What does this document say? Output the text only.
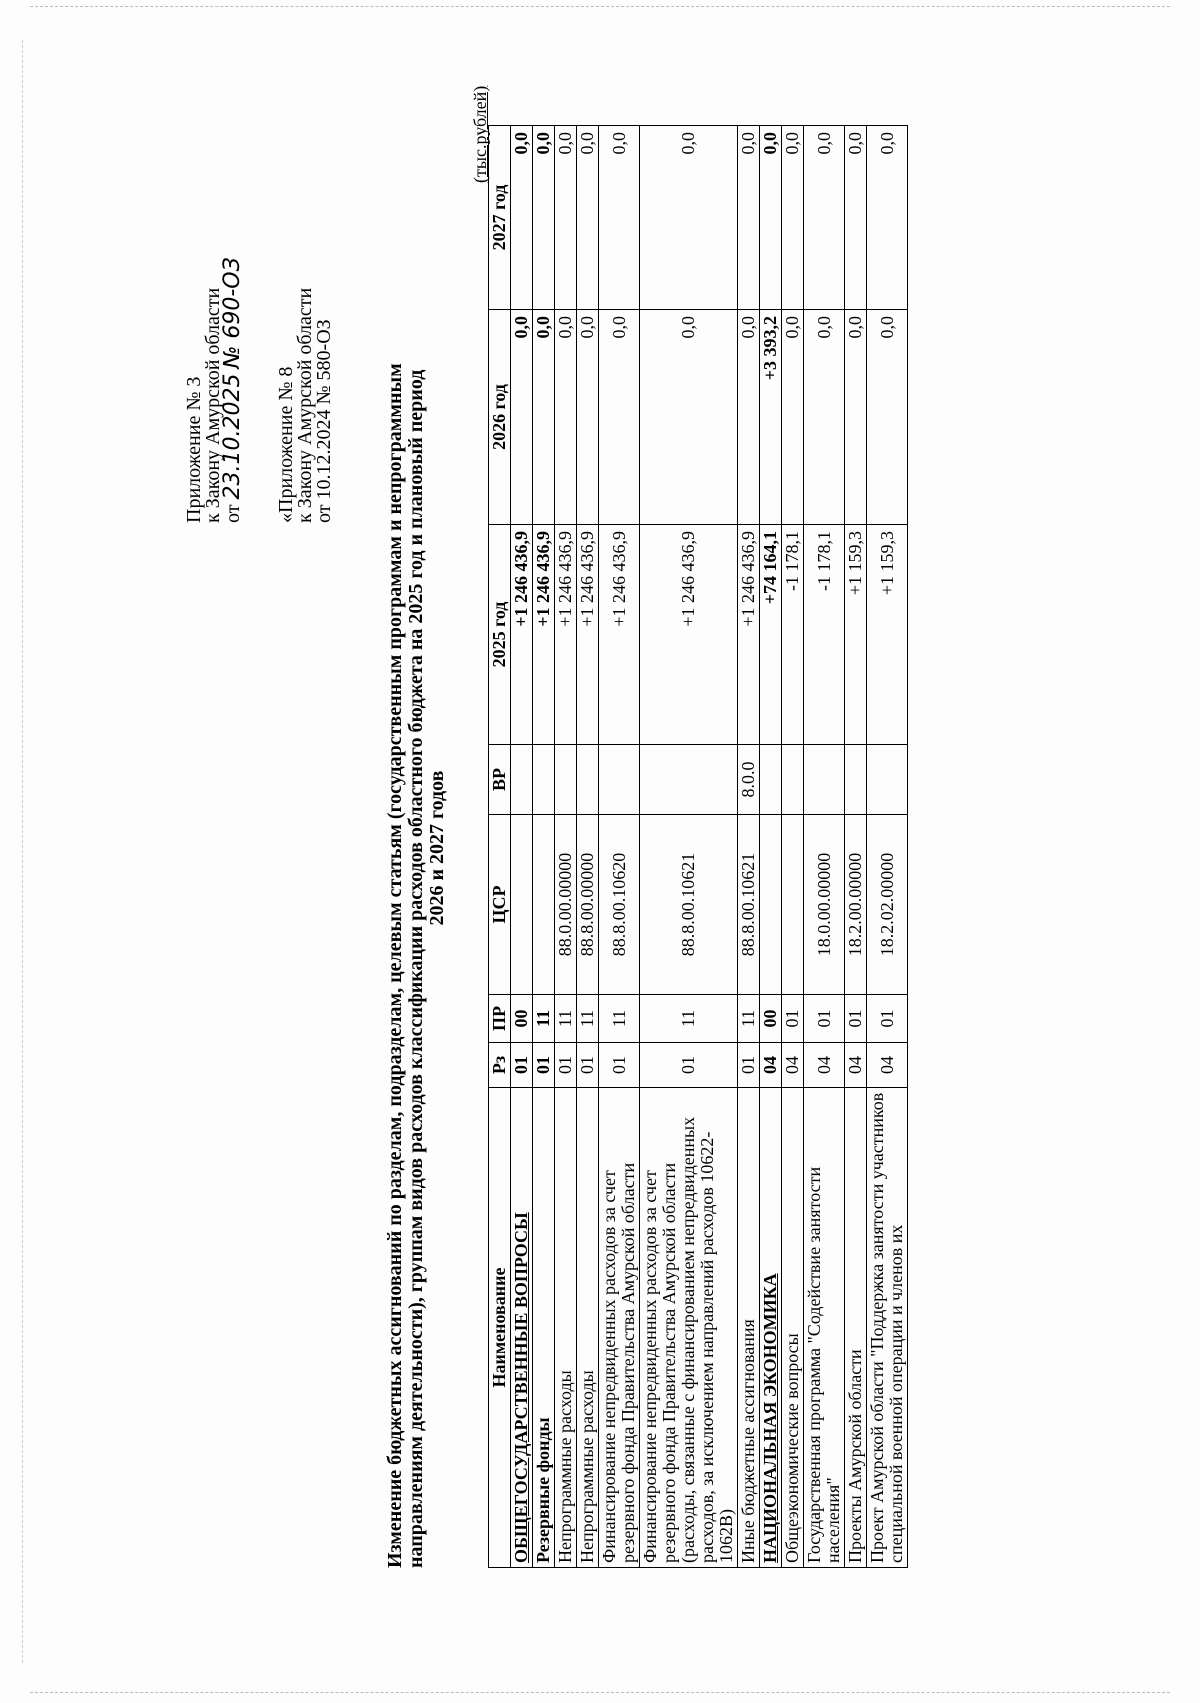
Приложение № 3
к Закону Амурской области
от 23.10.2025 № 690-ОЗ
«Приложение № 8
к Закону Амурской области
от 10.12.2024 № 580-ОЗ Изменение бюджетных ассигнований по разделам, подразделам, целевым статьям (государственным программам и непрограммным направлениям деятельности), группам видов расходов классификации расходов областного бюджета на 2025 год и плановый период 2026 и 2027 годов
(тыс.рублей)
Наименование	Рз	ПР	ЦСР	ВР	2025 год	2026 год	2027 год
ОБЩЕГОСУДАРСТВЕННЫЕ ВОПРОСЫ	01	00			+1 246 436,9	0,0	0,0
Резервные фонды	01	11			+1 246 436,9	0,0	0,0
Непрограммные расходы	01	11	88.0.00.00000		+1 246 436,9	0,0	0,0
Непрограммные расходы	01	11	88.8.00.00000		+1 246 436,9	0,0	0,0
Финансирование непредвиденных расходов за счет резервного фонда Правительства Амурской области	01	11	88.8.00.10620		+1 246 436,9	0,0	0,0
Финансирование непредвиденных расходов за счет резервного фонда Правительства Амурской области (расходы, связанные с финансированием непредвиденных расходов, за исключением направлений расходов 10622-1062В)	01	11	88.8.00.10621		+1 246 436,9	0,0	0,0
Иные бюджетные ассигнования	01	11	88.8.00.10621	8.0.0	+1 246 436,9	0,0	0,0
НАЦИОНАЛЬНАЯ ЭКОНОМИКА	04	00			+74 164,1	+3 393,2	0,0
Общеэкономические вопросы	04	01			-1 178,1	0,0	0,0
Государственная программа "Содействие занятости населения"	04	01	18.0.00.00000		-1 178,1	0,0	0,0
Проекты Амурской области	04	01	18.2.00.00000		+1 159,3	0,0	0,0
Проект Амурской области "Поддержка занятости участников специальной военной операции и членов их	04	01	18.2.02.00000		+1 159,3	0,0	0,0
